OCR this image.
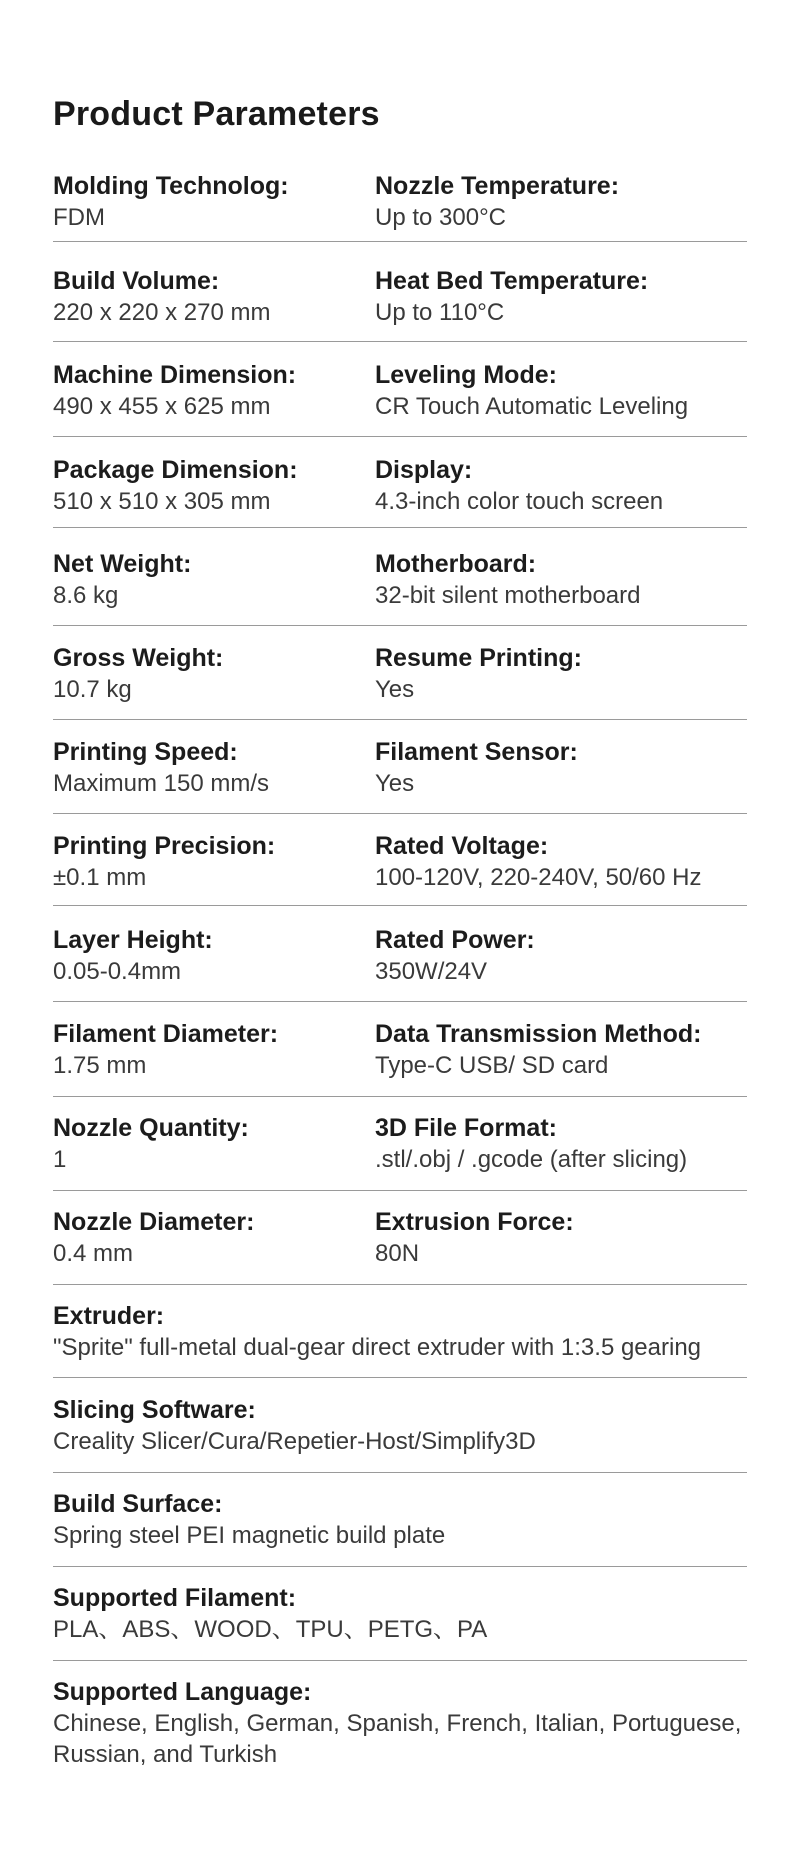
Product Parameters
Molding Technolog:
FDM
Nozzle Temperature:
Up to 300°C
Build Volume:
220 x 220 x 270 mm
Heat Bed Temperature:
Up to 110°C
Machine Dimension:
490 x 455 x 625 mm
Leveling Mode:
CR Touch Automatic Leveling
Package Dimension:
510 x 510 x 305 mm
Display:
4.3-inch color touch screen
Net Weight:
8.6 kg
Motherboard:
32-bit silent motherboard
Gross Weight:
10.7 kg
Resume Printing:
Yes
Printing Speed:
Maximum 150 mm/s
Filament Sensor:
Yes
Printing Precision:
±0.1 mm
Rated Voltage:
100-120V, 220-240V, 50/60 Hz
Layer Height:
0.05-0.4mm
Rated Power:
350W/24V
Filament Diameter:
1.75 mm
Data Transmission Method:
Type-C USB/ SD card
Nozzle Quantity:
1
3D File Format:
.stl/.obj / .gcode (after slicing)
Nozzle Diameter:
0.4 mm
Extrusion Force:
80N
Extruder:
"Sprite" full-metal dual-gear direct extruder with 1:3.5 gearing
Slicing Software:
Creality Slicer/Cura/Repetier-Host/Simplify3D
Build Surface:
Spring steel PEI magnetic build plate
Supported Filament:
PLA、ABS、WOOD、TPU、PETG、PA
Supported Language:
Chinese, English, German, Spanish, French, Italian, Portuguese, Russian, and Turkish
